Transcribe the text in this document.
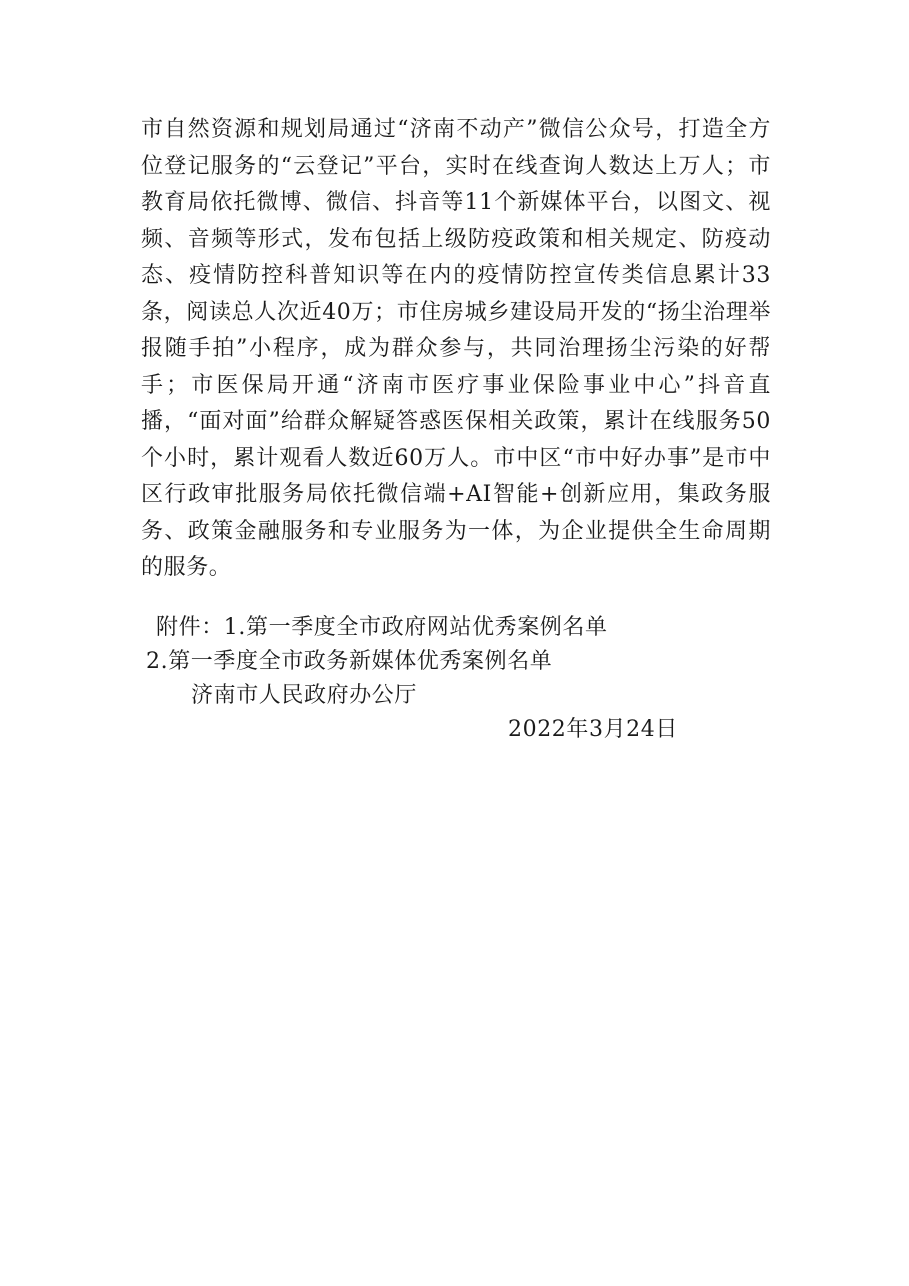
市自然资源和规划局通过“济南不动产”微信公众号，打造全方位登记服务的“云登记”平台，实时在线查询人数达上万人；市教育局依托微博、微信、抖音等11个新媒体平台，以图文、视频、音频等形式，发布包括上级防疫政策和相关规定、防疫动态、疫情防控科普知识等在内的疫情防控宣传类信息累计33条，阅读总人次近40万；市住房城乡建设局开发的“扬尘治理举报随手拍”小程序，成为群众参与，共同治理扬尘污染的好帮手；市医保局开通“济南市医疗事业保险事业中心”抖音直播，“面对面”给群众解疑答惑医保相关政策，累计在线服务50个小时，累计观看人数近60万人。市中区“市中好办事”是市中区行政审批服务局依托微信端+AI智能+创新应用，集政务服务、政策金融服务和专业服务为一体，为企业提供全生命周期的服务。

附件：1.第一季度全市政府网站优秀案例名单

2.第一季度全市政务新媒体优秀案例名单

济南市人民政府办公厅

2022年3月24日
